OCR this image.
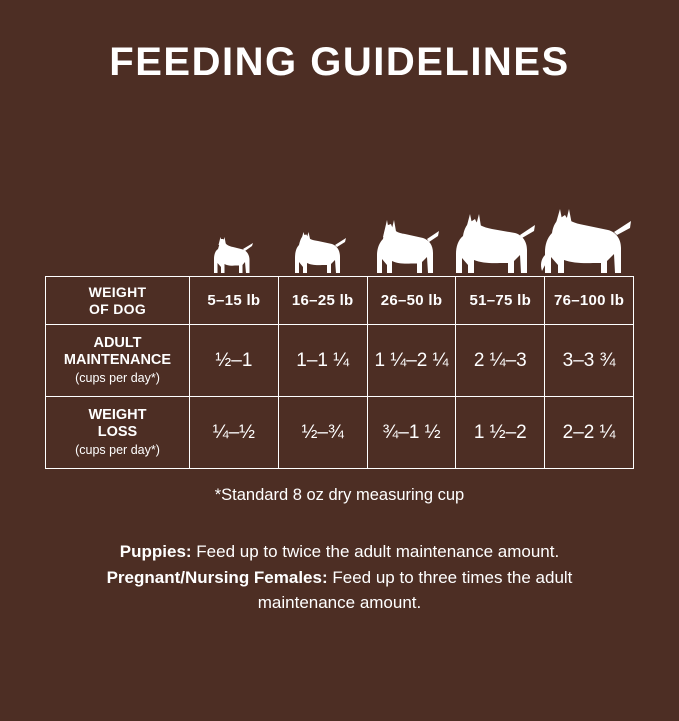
FEEDING GUIDELINES
WEIGHT
OF DOG	5–15 lb	16–25 lb	26–50 lb	51–75 lb	76–100 lb

ADULT
MAINTENANCE
(cups per day*)	½–1	1–1 ¼	1 ¼–2 ¼	2 ¼–3	3–3 ¾

WEIGHT
LOSS
(cups per day*)	¼–½	½–¾	¾–1 ½	1 ½–2	2–2 ¼
*Standard 8 oz dry measuring cup
Puppies: Feed up to twice the adult maintenance amount.
Pregnant/Nursing Females: Feed up to three times the adult maintenance amount.
